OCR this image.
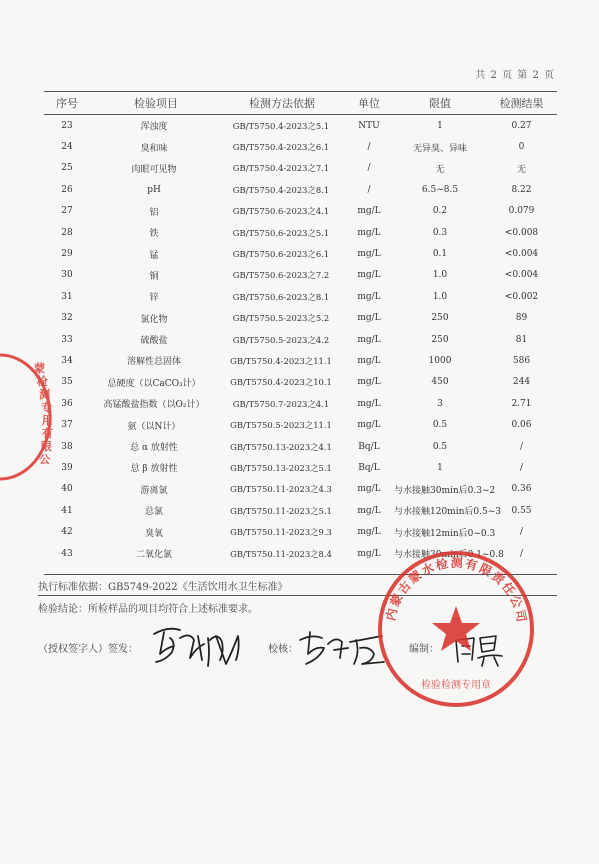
共 2 页 第 2 页
序号	检验项目	检测方法依据	单位	限值	检测结果
23	浑浊度	GB/T5750.4-2023之5.1	NTU	1	0.27
24	臭和味	GB/T5750.4-2023之6.1	/	无异臭、异味	0
25	肉眼可见物	GB/T5750.4-2023之7.1	/	无	无
26	pH	GB/T5750.4-2023之8.1	/	6.5~8.5	8.22
27	铝	GB/T5750.6-2023之4.1	mg/L	0.2	0.079
28	铁	GB/T5750.6-2023之5.1	mg/L	0.3	<0.008
29	锰	GB/T5750.6-2023之6.1	mg/L	0.1	<0.004
30	铜	GB/T5750.6-2023之7.2	mg/L	1.0	<0.004
31	锌	GB/T5750.6-2023之8.1	mg/L	1.0	<0.002
32	氯化物	GB/T5750.5-2023之5.2	mg/L	250	89
33	硫酸盐	GB/T5750.5-2023之4.2	mg/L	250	81
34	溶解性总固体	GB/T5750.4-2023之11.1	mg/L	1000	586
35	总硬度（以CaCO₃计）	GB/T5750.4-2023之10.1	mg/L	450	244
36	高锰酸盐指数（以O₂计）	GB/T5750.7-2023之4.1	mg/L	3	2.71
37	氨（以N计）	GB/T5750.5-2023之11.1	mg/L	0.5	0.06
38	总 α 放射性	GB/T5750.13-2023之4.1	Bq/L	0.5	/
39	总 β 放射性	GB/T5750.13-2023之5.1	Bq/L	1	/
40	游离氯	GB/T5750.11-2023之4.3	mg/L	与水接触30min后0.3~2	0.36
41	总氯	GB/T5750.11-2023之5.1	mg/L	与水接触120min后0.5~3	0.55
42	臭氧	GB/T5750.11-2023之9.3	mg/L	与水接触12min后0~0.3	/
43	二氧化氯	GB/T5750.11-2023之8.4	mg/L	与水接触30min后0.1~0.8	/
执行标准依据：GB5749-2022《生活饮用水卫生标准》
检验结论：所检样品的项目均符合上述标准要求。
（授权签字人）签发：	校核：	编制：
内蒙古蒙水检测有限责任公司
检验检测专用章
蒙
检
测
专
用
有
限
公
